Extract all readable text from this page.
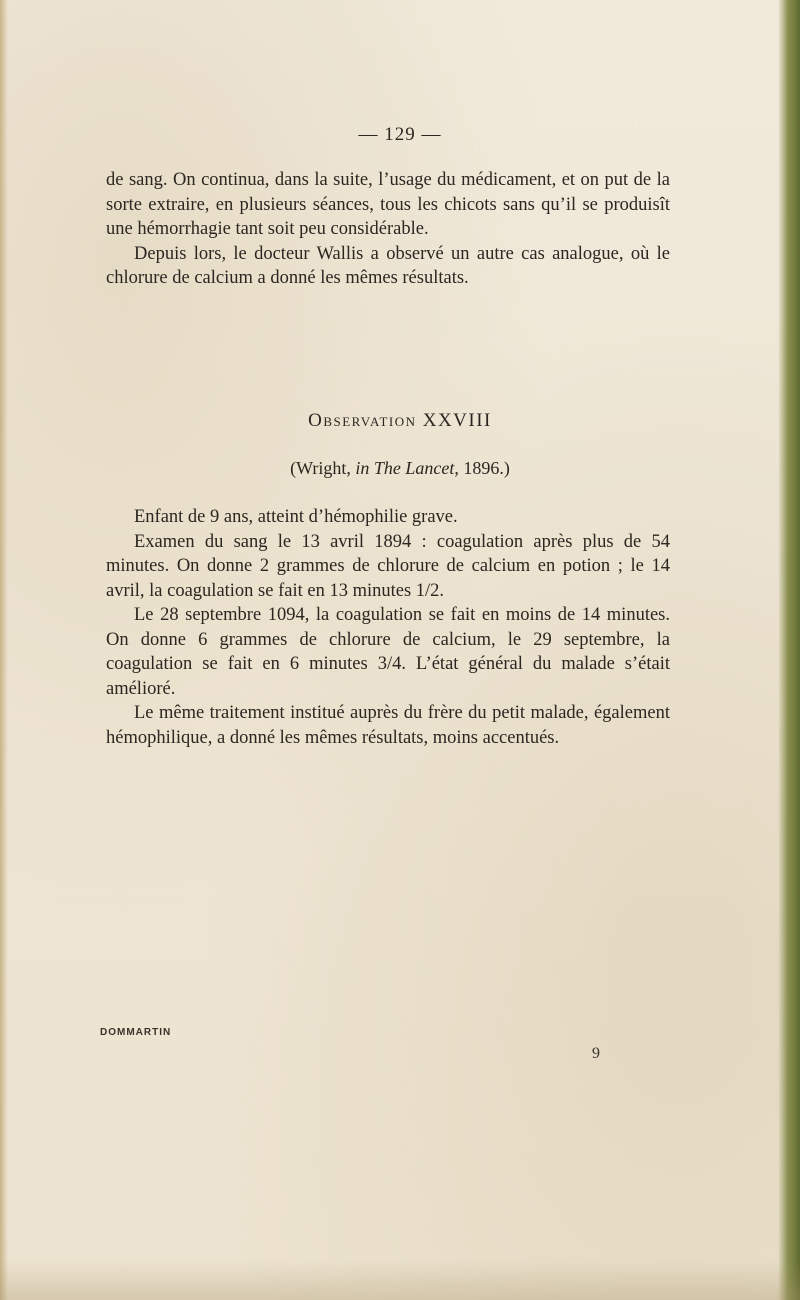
— 129 —

de sang. On continua, dans la suite, l’usage du médicament, et on put de la sorte extraire, en plusieurs séances, tous les chicots sans qu’il se produisît une hémorrhagie tant soit peu considérable.

Depuis lors, le docteur Wallis a observé un autre cas analogue, où le chlorure de calcium a donné les mêmes résultats.

Observation XXVIII
(Wright, in The Lancet, 1896.)

Enfant de 9 ans, atteint d’hémophilie grave.

Examen du sang le 13 avril 1894 : coagulation après plus de 54 minutes. On donne 2 grammes de chlorure de calcium en potion ; le 14 avril, la coagulation se fait en 13 minutes 1/2.

Le 28 septembre 1094, la coagulation se fait en moins de 14 minutes. On donne 6 grammes de chlorure de calcium, le 29 septembre, la coagulation se fait en 6 minutes 3/4. L’état général du malade s’était amélioré.

Le même traitement institué auprès du frère du petit malade, également hémophilique, a donné les mêmes résultats, moins accentués.

DOMMARTIN
9
